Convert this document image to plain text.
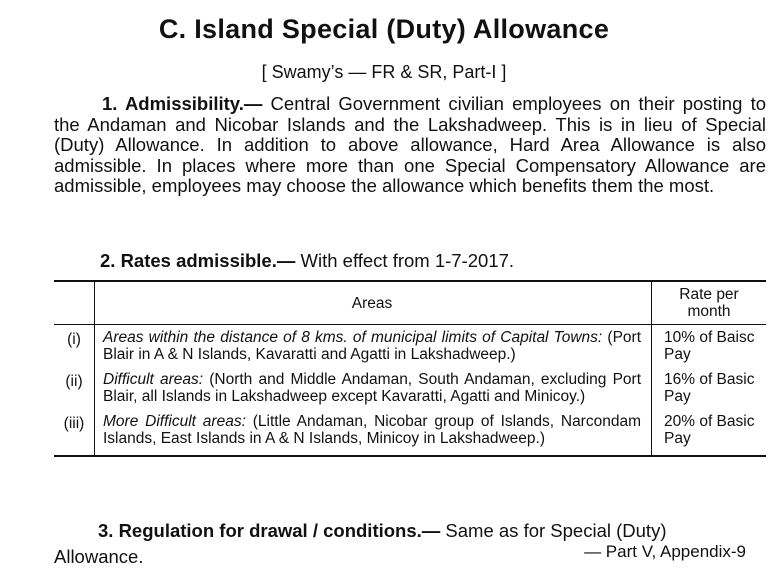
C. Island Special (Duty) Allowance
[ Swamy’s — FR & SR, Part-I ]
1. Admissibility.— Central Government civilian employees on their posting to the Andaman and Nicobar Islands and the Lakshadweep. This is in lieu of Special (Duty) Allowance. In addition to above allowance, Hard Area Allowance is also admissible. In places where more than one Special Compensatory Allowance are admissible, employees may choose the allowance which benefits them the most.
2. Rates admissible.— With effect from 1-7-2017.
	Areas	Rate per month
(i)	Areas within the distance of 8 kms. of municipal limits of Capital Towns: (Port Blair in A & N Islands, Kavaratti and Agatti in Lakshadweep.)	10% of Baisc Pay
(ii)	Difficult areas: (North and Middle Andaman, South Andaman, excluding Port Blair, all Islands in Lakshadweep except Kavaratti, Agatti and Minicoy.)	16% of Basic Pay
(iii)	More Difficult areas: (Little Andaman, Nicobar group of Islands, Narcondam Islands, East Islands in A & N Islands, Minicoy in Lakshadweep.)	20% of Basic Pay
3. Regulation for drawal / conditions.— Same as for Special (Duty)
Allowance.	— Part V, Appendix-9
